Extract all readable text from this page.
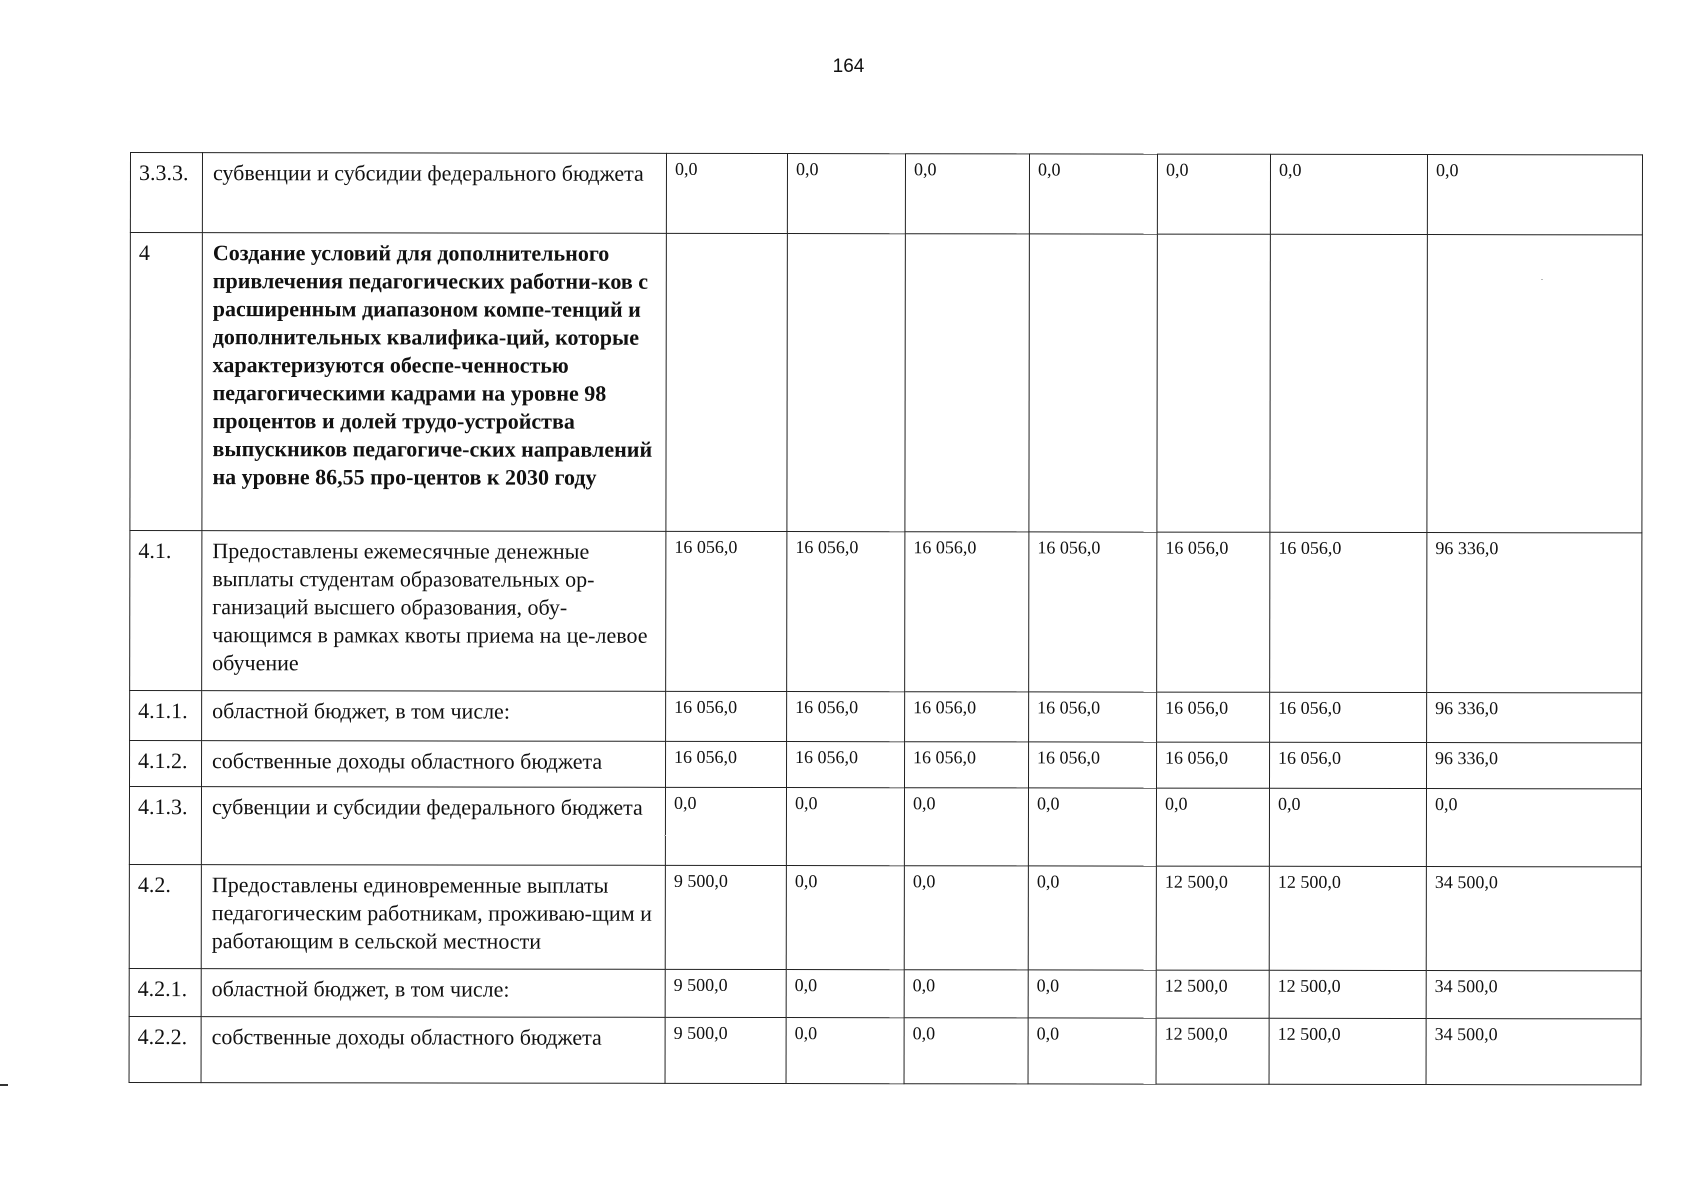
164
3.3.3.	субвенции и субсидии федерального бюджета	0,0	0,0	0,0	0,0	0,0	0,0	0,0
4	Создание условий для дополнительного привлечения педагогических работни-ков с расширенным диапазоном компе-тенций и дополнительных квалифика-ций, которые характеризуются обеспе-ченностью педагогическими кадрами на уровне 98 процентов и долей трудо-устройства выпускников педагогиче-ских направлений на уровне 86,55 про-центов к 2030 году							
4.1.	Предоставлены ежемесячные денежные выплаты студентам образовательных ор-ганизаций высшего образования, обу-чающимся в рамках квоты приема на це-левое обучение	16 056,0	16 056,0	16 056,0	16 056,0	16 056,0	16 056,0	96 336,0
4.1.1.	областной бюджет, в том числе:	16 056,0	16 056,0	16 056,0	16 056,0	16 056,0	16 056,0	96 336,0
4.1.2.	собственные доходы областного бюджета	16 056,0	16 056,0	16 056,0	16 056,0	16 056,0	16 056,0	96 336,0
4.1.3.	субвенции и субсидии федерального бюджета	0,0	0,0	0,0	0,0	0,0	0,0	0,0
4.2.	Предоставлены единовременные выплаты педагогическим работникам, проживаю-щим и работающим в сельской местности	9 500,0	0,0	0,0	0,0	12 500,0	12 500,0	34 500,0
4.2.1.	областной бюджет, в том числе:	9 500,0	0,0	0,0	0,0	12 500,0	12 500,0	34 500,0
4.2.2.	собственные доходы областного бюджета	9 500,0	0,0	0,0	0,0	12 500,0	12 500,0	34 500,0
